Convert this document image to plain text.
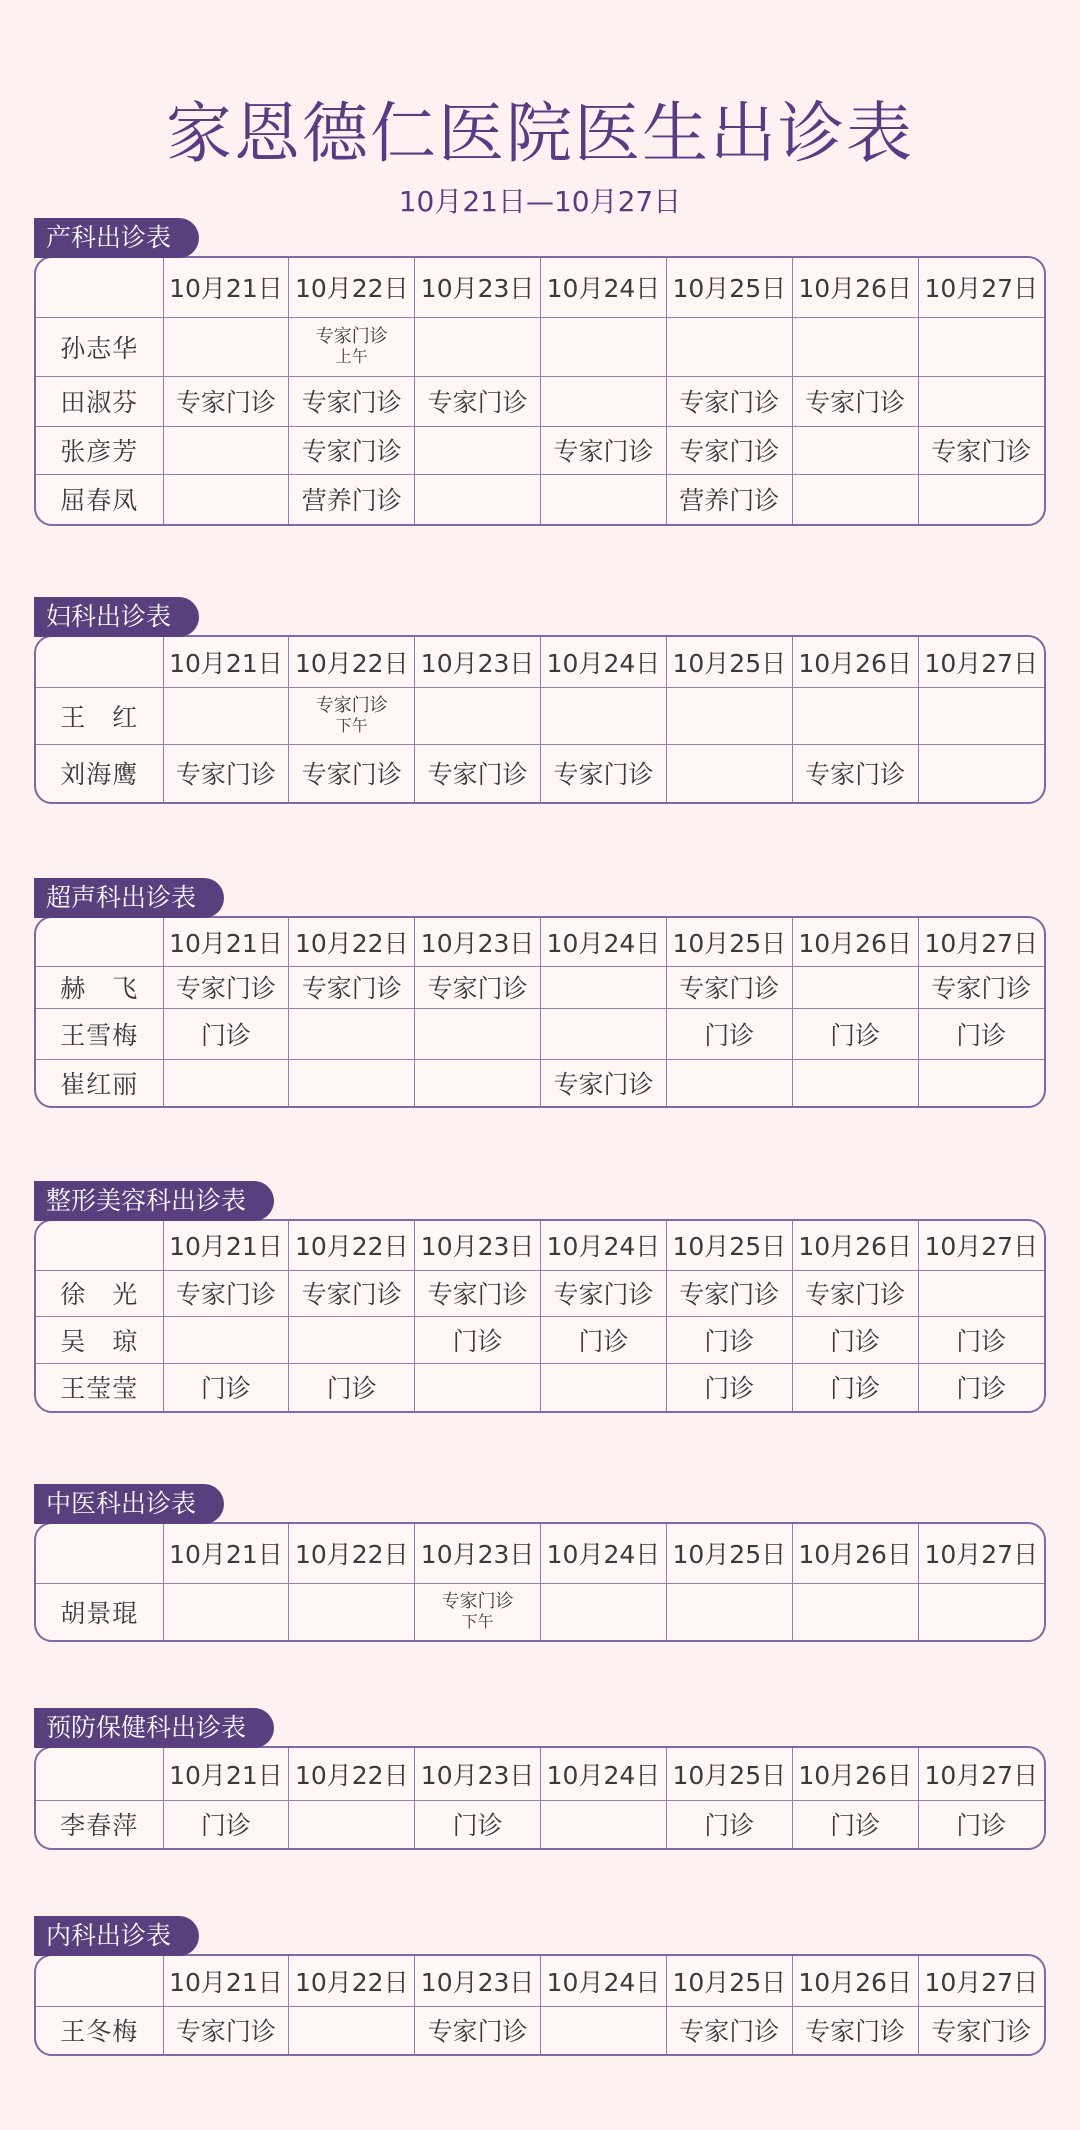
家恩德仁医院医生出诊表
10月21日—10月27日
产科出诊表
	10月21日	10月22日	10月23日	10月24日	10月25日	10月26日	10月27日
孙志华		专家门诊
上午					

田淑芬	专家门诊	专家门诊	专家门诊		专家门诊	专家门诊	
张彦芳		专家门诊		专家门诊	专家门诊		专家门诊
屈春凤		营养门诊			营养门诊		
妇科出诊表
	10月21日	10月22日	10月23日	10月24日	10月25日	10月26日	10月27日
王　红		专家门诊
下午					

刘海鹰	专家门诊	专家门诊	专家门诊	专家门诊		专家门诊	
超声科出诊表
	10月21日	10月22日	10月23日	10月24日	10月25日	10月26日	10月27日
赫　飞	专家门诊	专家门诊	专家门诊		专家门诊		专家门诊
王雪梅	门诊				门诊	门诊	门诊
崔红丽				专家门诊			
整形美容科出诊表
	10月21日	10月22日	10月23日	10月24日	10月25日	10月26日	10月27日
徐　光	专家门诊	专家门诊	专家门诊	专家门诊	专家门诊	专家门诊	
吴　琼			门诊	门诊	门诊	门诊	门诊
王莹莹	门诊	门诊			门诊	门诊	门诊
中医科出诊表
	10月21日	10月22日	10月23日	10月24日	10月25日	10月26日	10月27日
胡景琨			专家门诊
下午				

预防保健科出诊表
	10月21日	10月22日	10月23日	10月24日	10月25日	10月26日	10月27日
李春萍	门诊		门诊		门诊	门诊	门诊
内科出诊表
	10月21日	10月22日	10月23日	10月24日	10月25日	10月26日	10月27日
王冬梅	专家门诊		专家门诊		专家门诊	专家门诊	专家门诊
